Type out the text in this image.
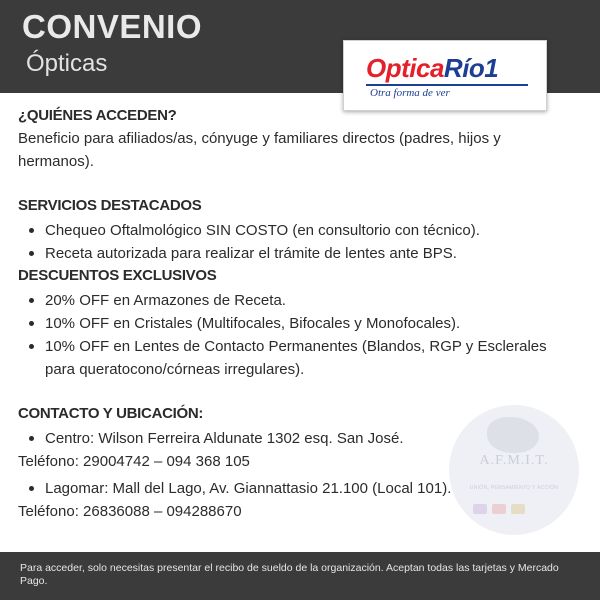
CONVENIO
Ópticas	OpticaRío1
Otra forma de ver
A.F.M.I.T.
UNIÓN, PENSAMIENTO Y ACCIÓN
¿QUIÉNES ACCEDEN?
Beneficio para afiliados/as, cónyuge y familiares directos (padres, hijos y hermanos).
SERVICIOS DESTACADOS
Chequeo Oftalmológico SIN COSTO (en consultorio con técnico).
Receta autorizada para realizar el trámite de lentes ante BPS.
DESCUENTOS EXCLUSIVOS
20% OFF en Armazones de Receta.
10% OFF en Cristales (Multifocales, Bifocales y Monofocales).
10% OFF en Lentes de Contacto Permanentes (Blandos, RGP y Esclerales para queratocono/córneas irregulares).
CONTACTO Y UBICACIÓN:
Centro: Wilson Ferreira Aldunate 1302 esq. San José.
Teléfono: 29004742 – 094 368 105
Lagomar: Mall del Lago, Av. Giannattasio 21.100 (Local 101).
Teléfono: 26836088 – 094288670
Para acceder, solo necesitas presentar el recibo de sueldo de la organización. Aceptan todas las tarjetas y Mercado Pago.
